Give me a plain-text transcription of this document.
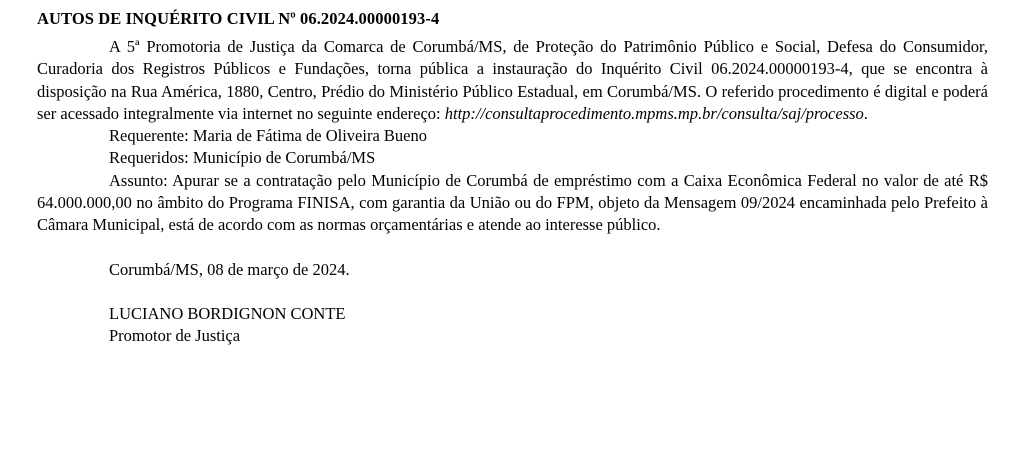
AUTOS DE INQUÉRITO CIVIL Nº 06.2024.00000193-4

A 5ª Promotoria de Justiça da Comarca de Corumbá/MS, de Proteção do Patrimônio Público e Social, Defesa do Consumidor, Curadoria dos Registros Públicos e Fundações, torna pública a instauração do Inquérito Civil 06.2024.00000193-4, que se encontra à disposição na Rua América, 1880, Centro, Prédio do Ministério Público Estadual, em Corumbá/MS. O referido procedimento é digital e poderá ser acessado integralmente via internet no seguinte endereço: http://consultaprocedimento.mpms.mp.br/consulta/saj/processo.

Requerente: Maria de Fátima de Oliveira Bueno

Requeridos: Município de Corumbá/MS

Assunto: Apurar se a contratação pelo Município de Corumbá de empréstimo com a Caixa Econômica Federal no valor de até R$ 64.000.000,00 no âmbito do Programa FINISA, com garantia da União ou do FPM, objeto da Mensagem 09/2024 encaminhada pelo Prefeito à Câmara Municipal, está de acordo com as normas orçamentárias e atende ao interesse público.

Corumbá/MS, 08 de março de 2024.

LUCIANO BORDIGNON CONTE

Promotor de Justiça
